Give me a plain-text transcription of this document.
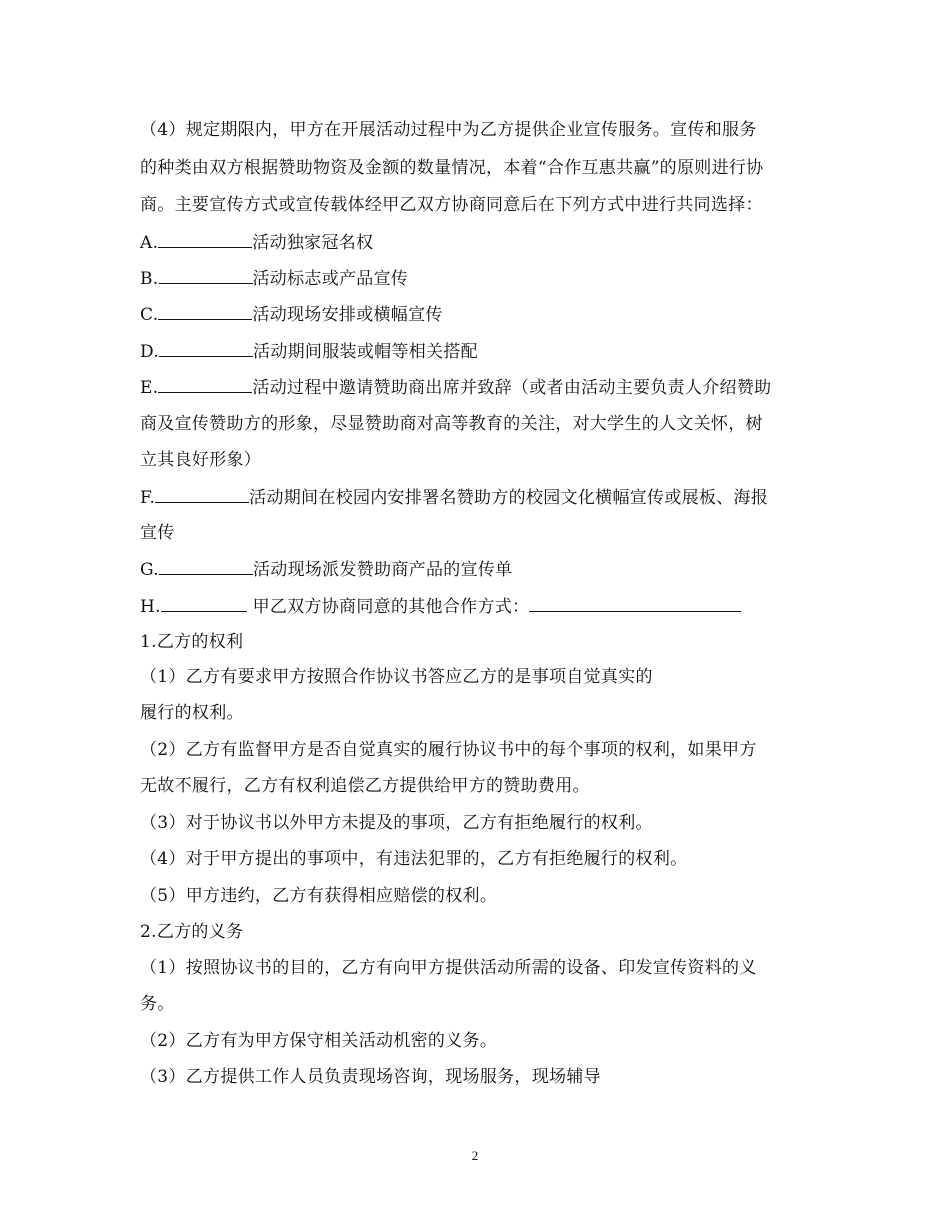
（4）规定期限内，甲方在开展活动过程中为乙方提供企业宣传服务。宣传和服务
的种类由双方根据赞助物资及金额的数量情况，本着“合作互惠共赢”的原则进行协
商。主要宣传方式或宣传载体经甲乙双方协商同意后在下列方式中进行共同选择：
A.	活动独家冠名权
B.	活动标志或产品宣传
C.	活动现场安排或横幅宣传
D.	活动期间服装或帽等相关搭配
E.	活动过程中邀请赞助商出席并致辞（或者由活动主要负责人介绍赞助
商及宣传赞助方的形象，尽显赞助商对高等教育的关注，对大学生的人文关怀，树
立其良好形象）
F.	活动期间在校园内安排署名赞助方的校园文化横幅宣传或展板、海报
宣传
G.	活动现场派发赞助商产品的宣传单
H.	甲乙双方协商同意的其他合作方式：
1.乙方的权利
（1）乙方有要求甲方按照合作协议书答应乙方的是事项自觉真实的
履行的权利。
（2）乙方有监督甲方是否自觉真实的履行协议书中的每个事项的权利，如果甲方
无故不履行，乙方有权利追偿乙方提供给甲方的赞助费用。
（3）对于协议书以外甲方未提及的事项，乙方有拒绝履行的权利。
（4）对于甲方提出的事项中，有违法犯罪的，乙方有拒绝履行的权利。
（5）甲方违约，乙方有获得相应赔偿的权利。
2.乙方的义务
（1）按照协议书的目的，乙方有向甲方提供活动所需的设备、印发宣传资料的义
务。
（2）乙方有为甲方保守相关活动机密的义务。
（3）乙方提供工作人员负责现场咨询，现场服务，现场辅导
2
